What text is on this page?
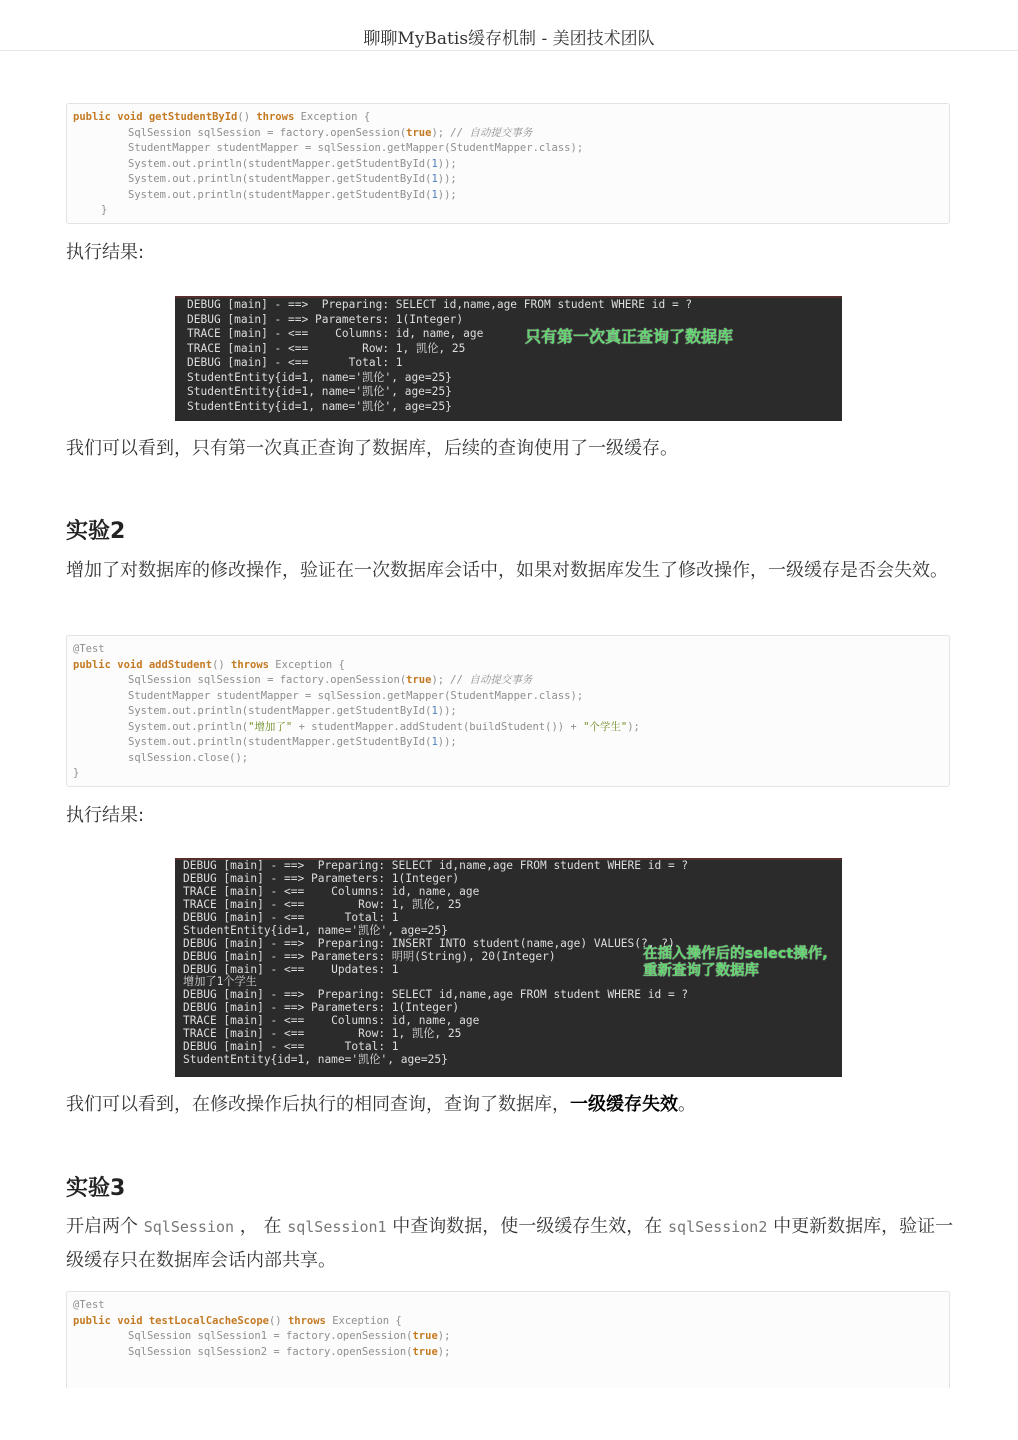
聊聊MyBatis缓存机制 - 美团技术团队
public void getStudentById() throws Exception {
SqlSession sqlSession = factory.openSession(true); // 自动提交事务
StudentMapper studentMapper = sqlSession.getMapper(StudentMapper.class);
System.out.println(studentMapper.getStudentById(1));
System.out.println(studentMapper.getStudentById(1));
System.out.println(studentMapper.getStudentById(1));
}
执行结果:
DEBUG [main] - ==>  Preparing: SELECT id,name,age FROM student WHERE id = ?
DEBUG [main] - ==> Parameters: 1(Integer)
TRACE [main] - <==    Columns: id, name, age
TRACE [main] - <==        Row: 1, 凯伦, 25
DEBUG [main] - <==      Total: 1
StudentEntity{id=1, name='凯伦', age=25}
StudentEntity{id=1, name='凯伦', age=25}
StudentEntity{id=1, name='凯伦', age=25}
只有第一次真正查询了数据库
我们可以看到，只有第一次真正查询了数据库，后续的查询使用了一级缓存。
实验2
增加了对数据库的修改操作，验证在一次数据库会话中，如果对数据库发生了修改操作，一级缓存是否会失效。
@Test
public void addStudent() throws Exception {
SqlSession sqlSession = factory.openSession(true); // 自动提交事务
StudentMapper studentMapper = sqlSession.getMapper(StudentMapper.class);
System.out.println(studentMapper.getStudentById(1));
System.out.println("增加了" + studentMapper.addStudent(buildStudent()) + "个学生");
System.out.println(studentMapper.getStudentById(1));
sqlSession.close();
}
执行结果:
DEBUG [main] - ==>  Preparing: SELECT id,name,age FROM student WHERE id = ?
DEBUG [main] - ==> Parameters: 1(Integer)
TRACE [main] - <==    Columns: id, name, age
TRACE [main] - <==        Row: 1, 凯伦, 25
DEBUG [main] - <==      Total: 1
StudentEntity{id=1, name='凯伦', age=25}
DEBUG [main] - ==>  Preparing: INSERT INTO student(name,age) VALUES(?, ?)
DEBUG [main] - ==> Parameters: 明明(String), 20(Integer)
DEBUG [main] - <==    Updates: 1
增加了1个学生
DEBUG [main] - ==>  Preparing: SELECT id,name,age FROM student WHERE id = ?
DEBUG [main] - ==> Parameters: 1(Integer)
TRACE [main] - <==    Columns: id, name, age
TRACE [main] - <==        Row: 1, 凯伦, 25
DEBUG [main] - <==      Total: 1
StudentEntity{id=1, name='凯伦', age=25}
在插入操作后的select操作,
重新查询了数据库
我们可以看到，在修改操作后执行的相同查询，查询了数据库，一级缓存失效。
实验3
开启两个 SqlSession ， 在 sqlSession1 中查询数据，使一级缓存生效，在 sqlSession2 中更新数据库，验证一级缓存只在数据库会话内部共享。
@Test
public void testLocalCacheScope() throws Exception {
SqlSession sqlSession1 = factory.openSession(true);
SqlSession sqlSession2 = factory.openSession(true);
